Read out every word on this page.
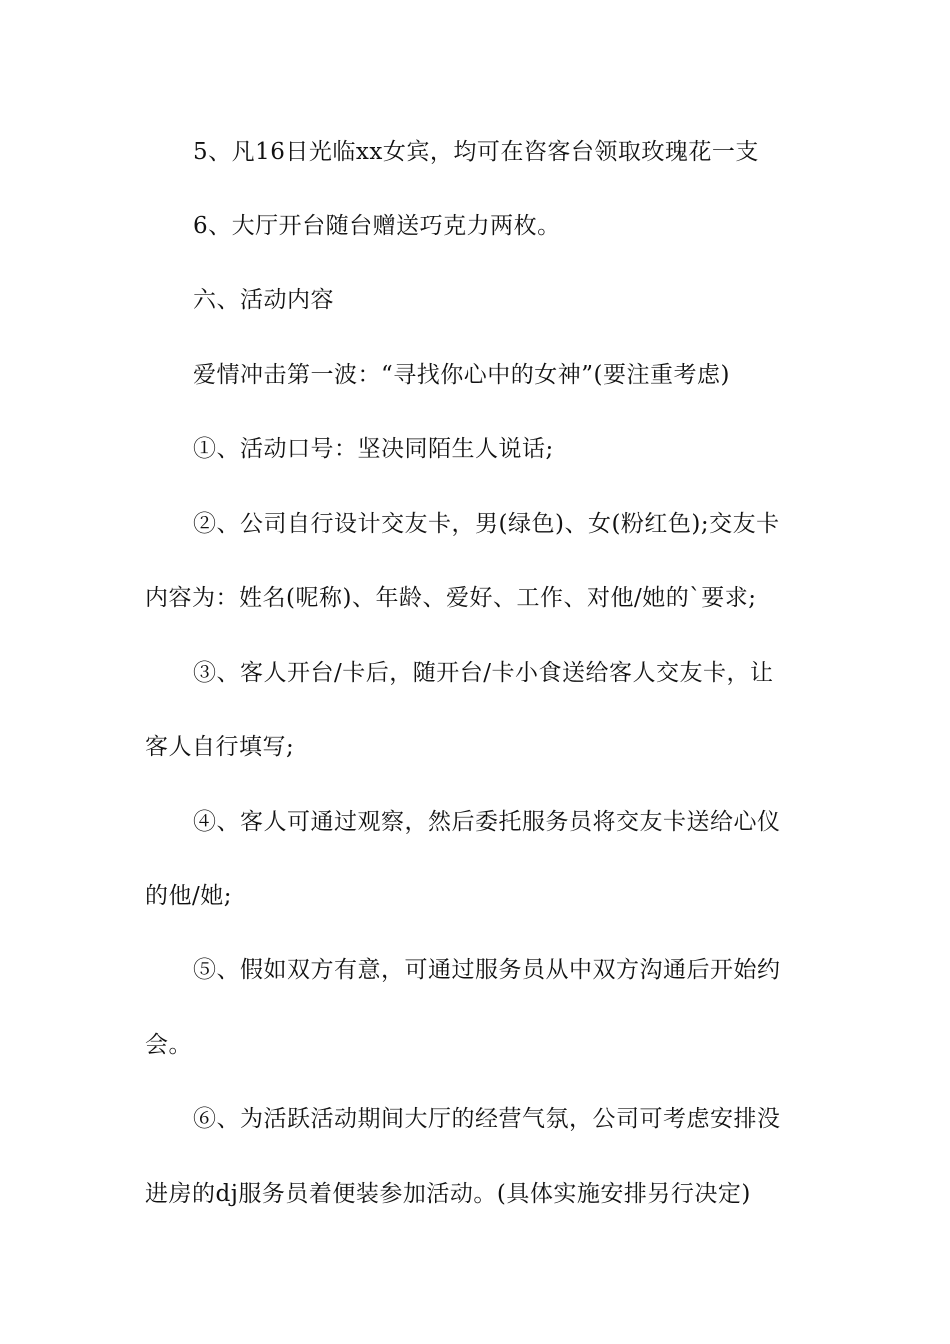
5、凡16日光临xx女宾，均可在咨客台领取玫瑰花一支
6、大厅开台随台赠送巧克力两枚。
六、活动内容
爱情冲击第一波：“寻找你心中的女神”(要注重考虑)
①、活动口号：坚决同陌生人说话;
②、公司自行设计交友卡，男(绿色)、女(粉红色);交友卡
内容为：姓名(呢称)、年龄、爱好、工作、对他/她的`要求;
③、客人开台/卡后，随开台/卡小食送给客人交友卡，让
客人自行填写;
④、客人可通过观察，然后委托服务员将交友卡送给心仪
的他/她;
⑤、假如双方有意，可通过服务员从中双方沟通后开始约
会。
⑥、为活跃活动期间大厅的经营气氛，公司可考虑安排没
进房的dj服务员着便装参加活动。(具体实施安排另行决定)
